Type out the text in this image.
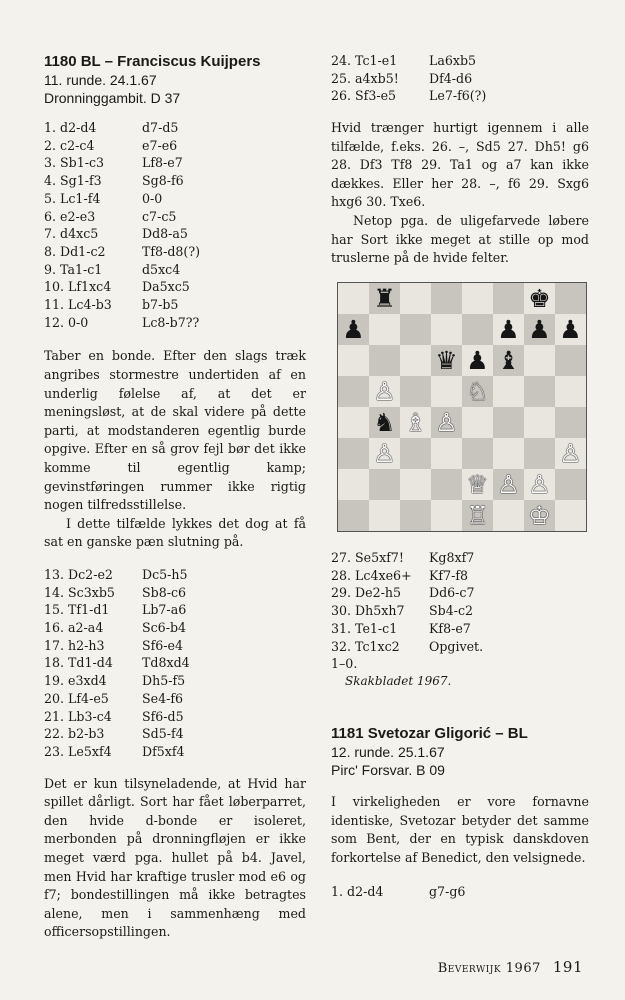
1180 BL – Franciscus Kuijpers

11. runde. 24.1.67

Dronninggambit. D 37

1. d2-d4	d7-d5
2. c2-c4	e7-e6
3. Sb1-c3	Lf8-e7
4. Sg1-f3	Sg8-f6
5. Lc1-f4	0-0
6. e2-e3	c7-c5
7. d4xc5	Dd8-a5
8. Dd1-c2	Tf8-d8(?)
9. Ta1-c1	d5xc4
10. Lf1xc4	Da5xc5
11. Lc4-b3	b7-b5
12. 0-0	Lc8-b7??

Taber en bonde. Efter den slags træk angribes stormestre undertiden af en underlig følelse af, at det er meningsløst, at de skal videre på dette parti, at modstanderen egentlig burde opgive. Efter en så grov fejl bør det ikke komme til egentlig kamp; gevinstføringen rummer ikke rigtig nogen tilfredsstillelse.

I dette tilfælde lykkes det dog at få sat en ganske pæn slutning på.

13. Dc2-e2	Dc5-h5
14. Sc3xb5	Sb8-c6
15. Tf1-d1	Lb7-a6
16. a2-a4	Sc6-b4
17. h2-h3	Sf6-e4
18. Td1-d4	Td8xd4
19. e3xd4	Dh5-f5
20. Lf4-e5	Se4-f6
21. Lb3-c4	Sf6-d5
22. b2-b3	Sd5-f4
23. Le5xf4	Df5xf4

Det er kun tilsyneladende, at Hvid har spillet dårligt. Sort har fået løberparret, den hvide d-bonde er isoleret, merbonden på dronningfløjen er ikke meget værd pga. hullet på b4. Javel, men Hvid har kraftige trusler mod e6 og f7; bondestillingen må ikke betragtes alene, men i sammenhæng med officersopstillingen.

24. Tc1-e1	La6xb5
25. a4xb5!	Df4-d6
26. Sf3-e5	Le7-f6(?)

Hvid trænger hurtigt igennem i alle tilfælde, f.eks. 26. –, Sd5 27. Dh5! g6 28. Df3 Tf8 29. Ta1 og a7 kan ikke dækkes. Eller her 28. –, f6 29. Sxg6 hxg6 30. Txe6.

Netop pga. de uligefarvede løbere har Sort ikke meget at stille op mod truslerne på de hvide felter.

♜	♚
♟	♟ ♟ ♟
♛ ♟ ♝
♙	♘
♞ ♗ ♙
♙	♙
♕ ♙ ♙
♖ ♔
27. Se5xf7!	Kg8xf7
28. Lc4xe6+	Kf7-f8
29. De2-h5	Dd6-c7
30. Dh5xh7	Sb4-c2
31. Te1-c1	Kf8-e7
32. Tc1xc2	Opgivet.
1–0.
Skakbladet 1967.

1181 Svetozar Gligorić – BL

12. runde. 25.1.67

Pirc' Forsvar. B 09

I virkeligheden er vore fornavne identiske, Svetozar betyder det samme som Bent, der en typisk danskdoven forkortelse af Benedict, den velsignede.

1. d2-d4	g7-g6
Beverwijk 1967 191
